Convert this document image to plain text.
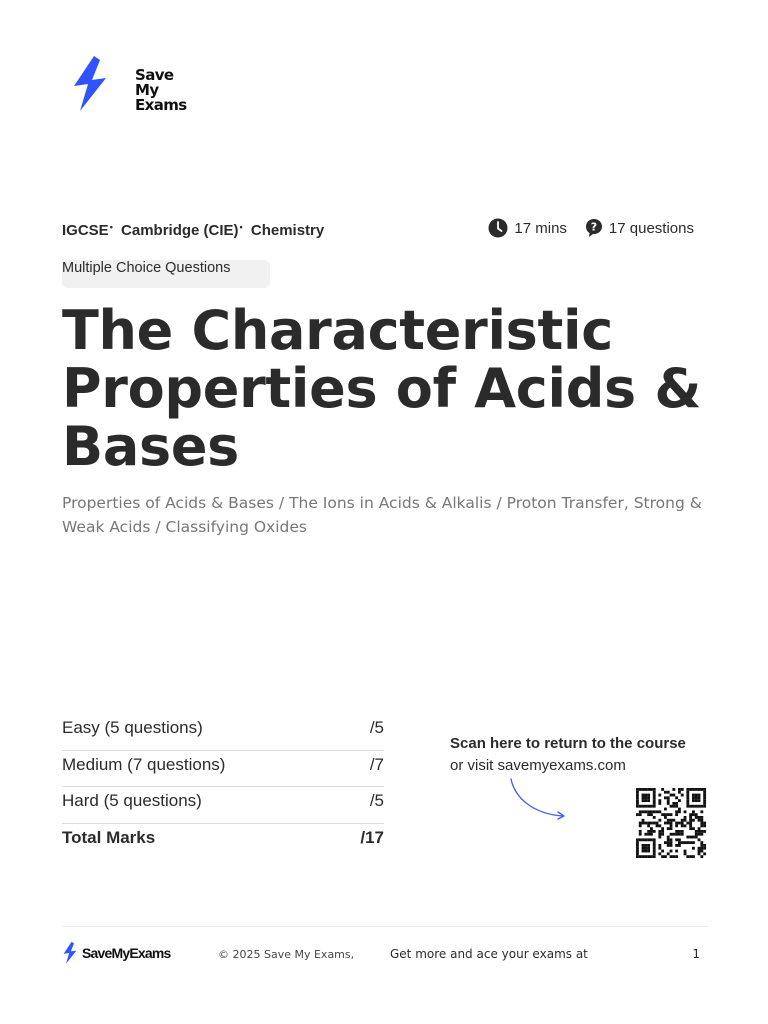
Save
My
Exams
IGCSE• Cambridge (CIE)• Chemistry	17 mins ? 17 questions
Multiple Choice Questions
The Characteristic Properties of Acids & Bases

Properties of Acids & Bases / The Ions in Acids & Alkalis / Proton Transfer, Strong & Weak Acids / Classifying Oxides

Easy (5 questions)	/5
Medium (7 questions)	/7
Hard (5 questions)	/5
Total Marks	/17
Scan here to return to the course
or visit savemyexams.com
SaveMyExams	© 2025 Save My Exams,	Get more and ace your exams at	1
